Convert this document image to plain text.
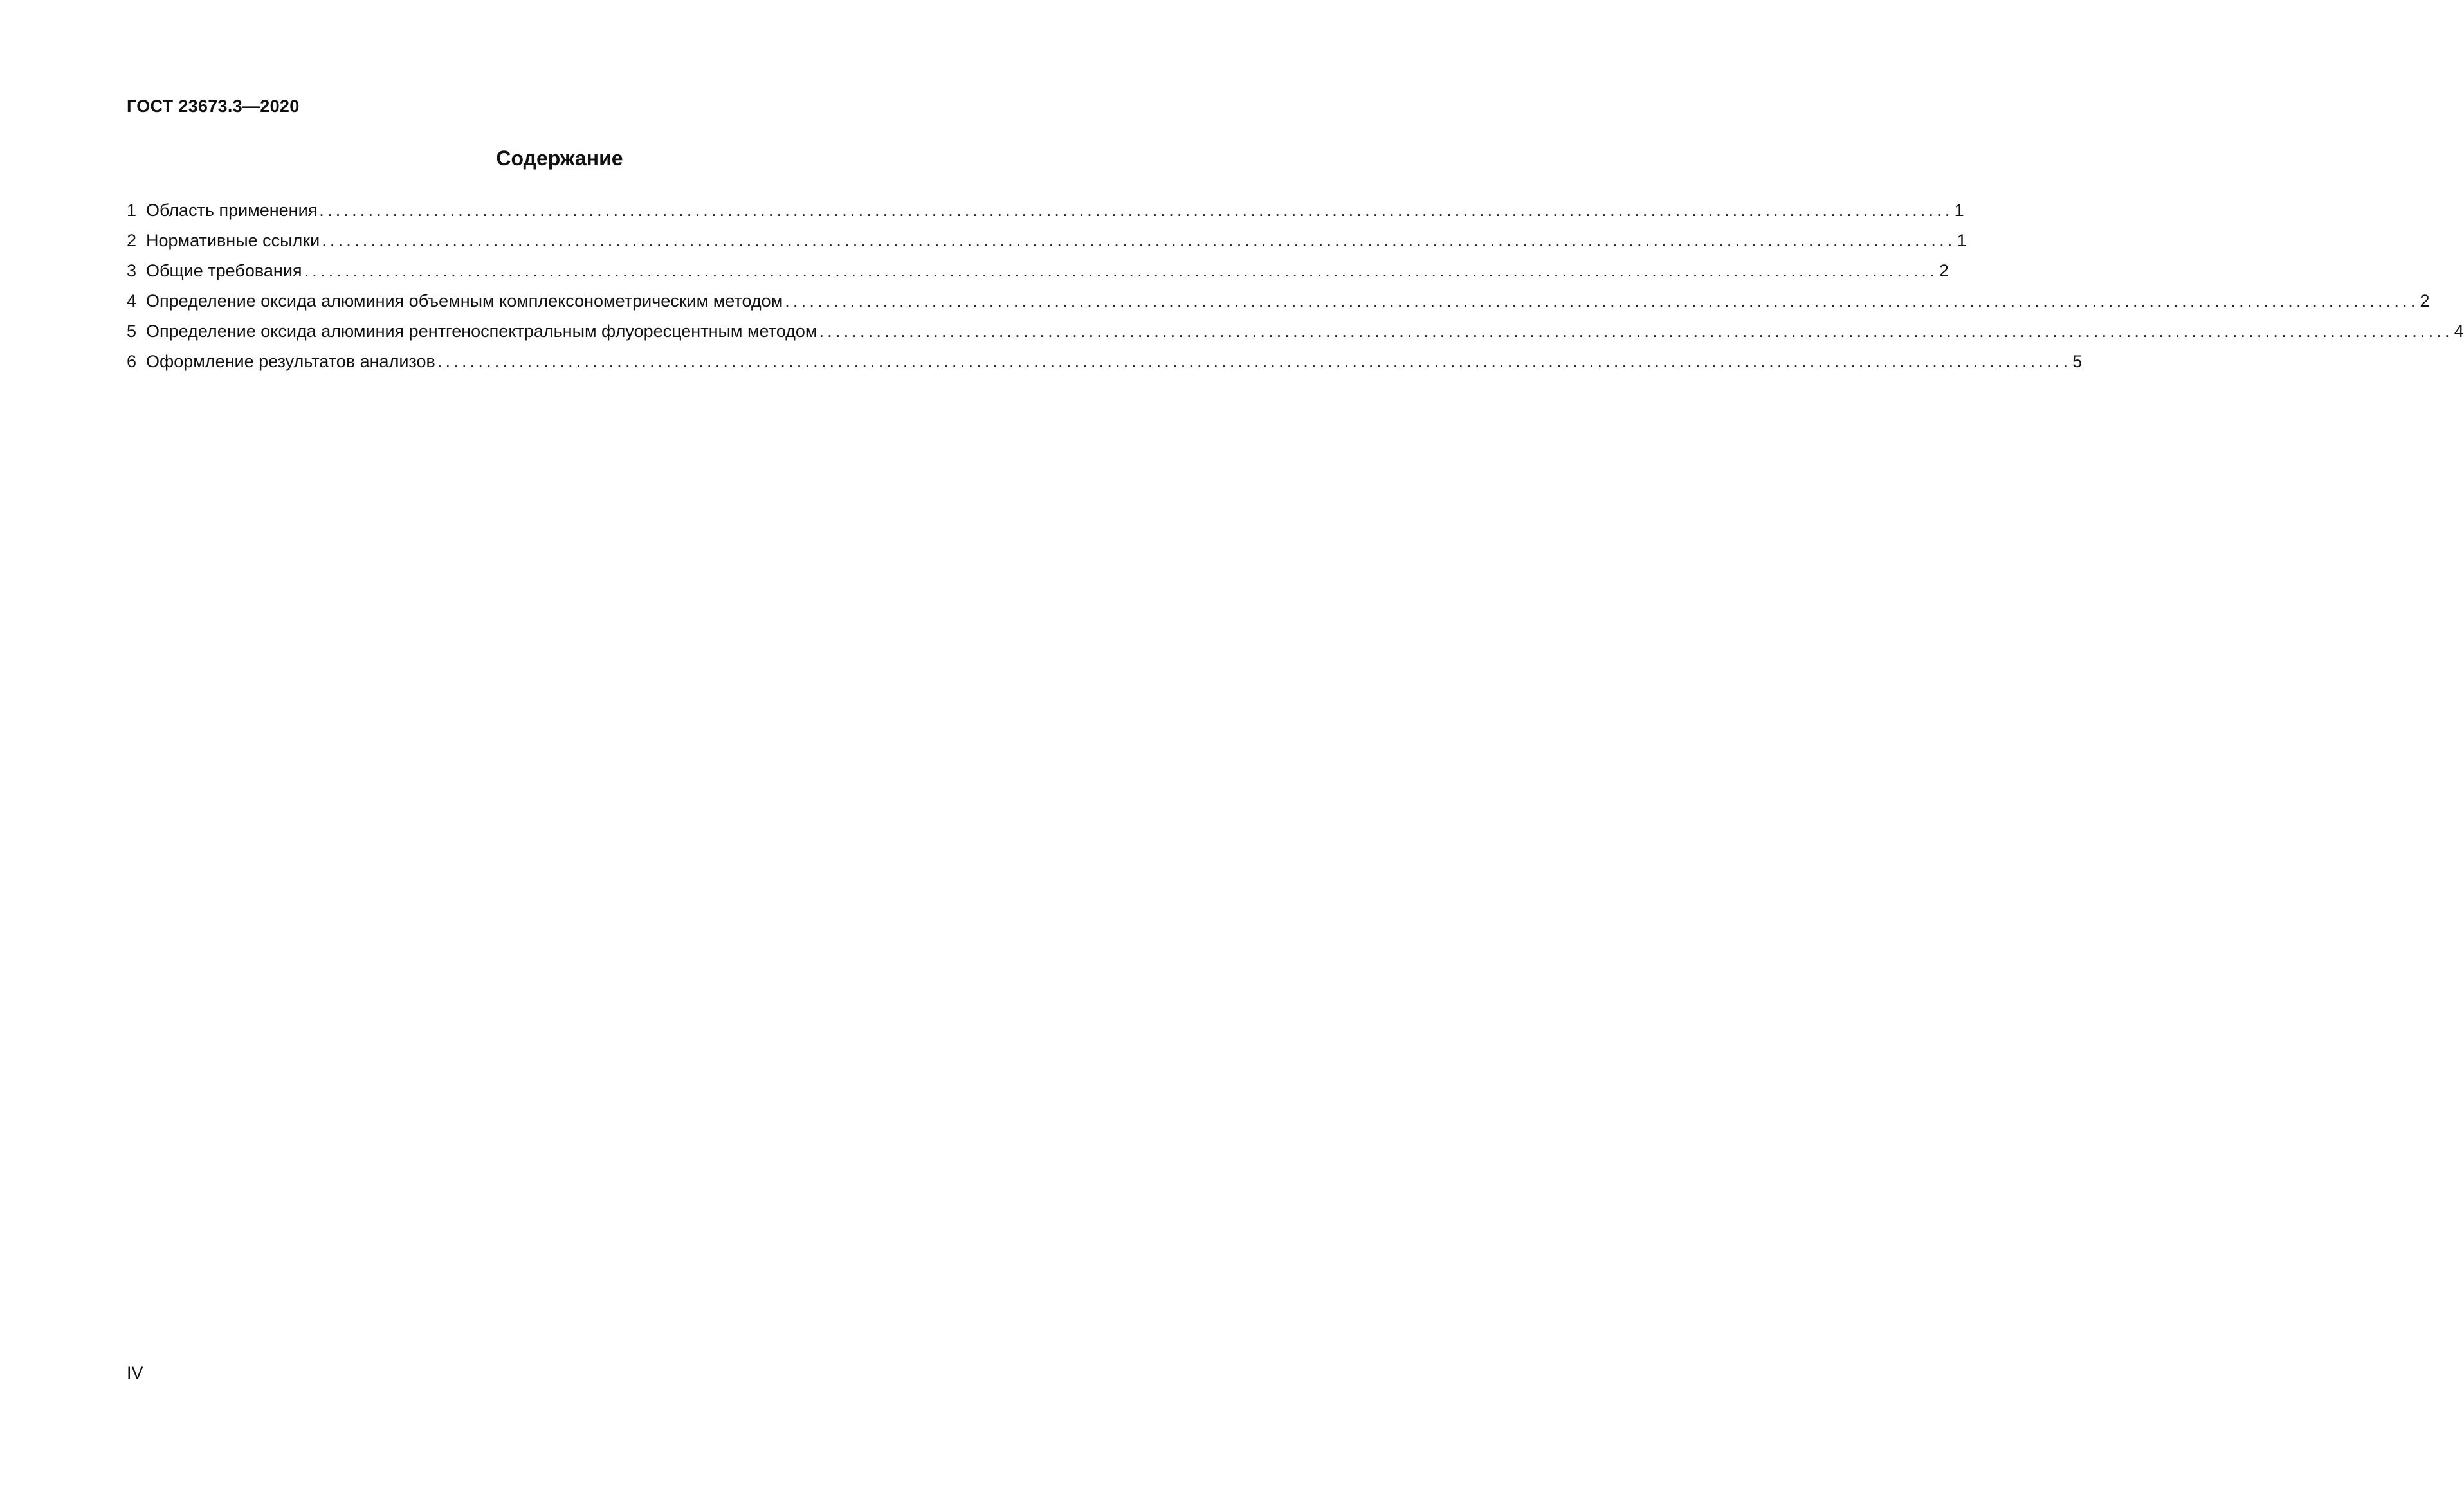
ГОСТ 23673.3—2020
Содержание
1 Область применения ........................................................................................................................................................................................................ 1
2 Нормативные ссылки ........................................................................................................................................................................................................ 1
3 Общие требования ........................................................................................................................................................................................................ 2
4 Определение оксида алюминия объемным комплексонометрическим методом ........................................................................................................................................................................................................ 2
5 Определение оксида алюминия рентгеноспектральным флуоресцентным методом ........................................................................................................................................................................................................ 4
6 Оформление результатов анализов ........................................................................................................................................................................................................ 5
IV
